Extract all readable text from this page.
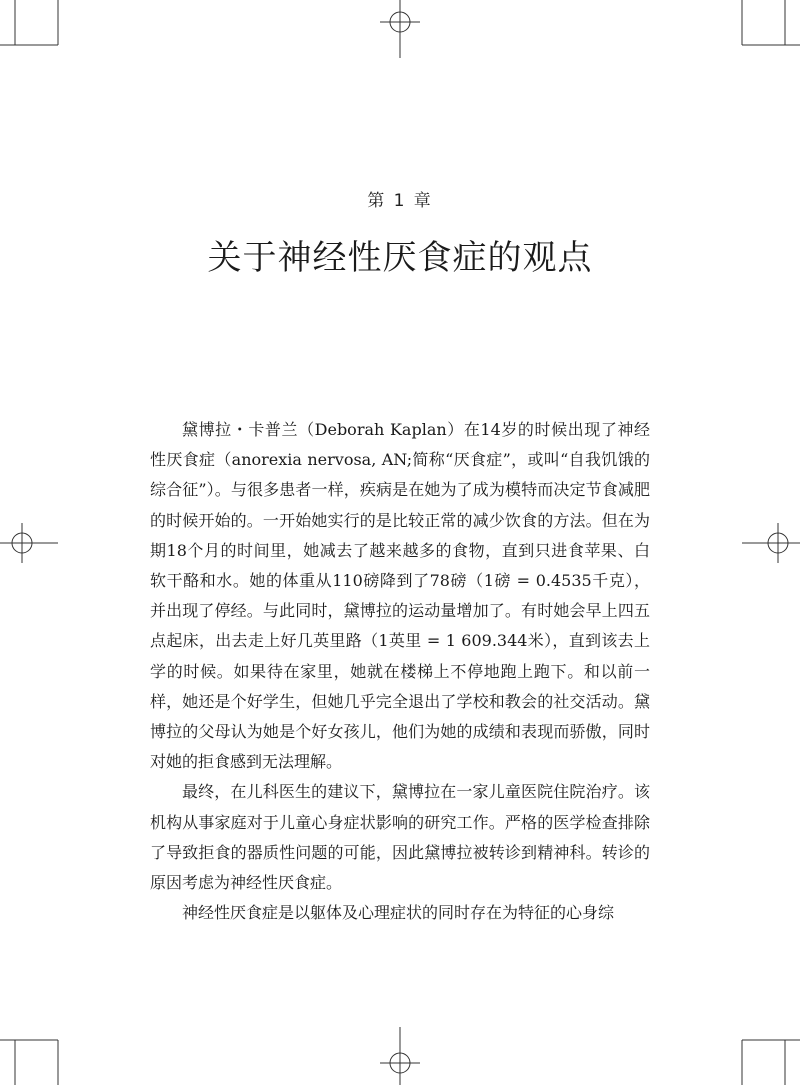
第 1 章
关于神经性厌食症的观点

黛博拉・卡普兰（Deborah Kaplan）在14岁的时候出现了神经性厌食症（anorexia nervosa, AN;简称“厌食症”，或叫“自我饥饿的综合征”）。与很多患者一样，疾病是在她为了成为模特而决定节食减肥的时候开始的。一开始她实行的是比较正常的减少饮食的方法。但在为期18个月的时间里，她减去了越来越多的食物，直到只进食苹果、白软干酪和水。她的体重从110磅降到了78磅（1磅 = 0.4535千克），并出现了停经。与此同时，黛博拉的运动量增加了。有时她会早上四五点起床，出去走上好几英里路（1英里 = 1 609.344米），直到该去上学的时候。如果待在家里，她就在楼梯上不停地跑上跑下。和以前一样，她还是个好学生，但她几乎完全退出了学校和教会的社交活动。黛博拉的父母认为她是个好女孩儿，他们为她的成绩和表现而骄傲，同时对她的拒食感到无法理解。

最终，在儿科医生的建议下，黛博拉在一家儿童医院住院治疗。该机构从事家庭对于儿童心身症状影响的研究工作。严格的医学检查排除了导致拒食的器质性问题的可能，因此黛博拉被转诊到精神科。转诊的原因考虑为神经性厌食症。

神经性厌食症是以躯体及心理症状的同时存在为特征的心身综
